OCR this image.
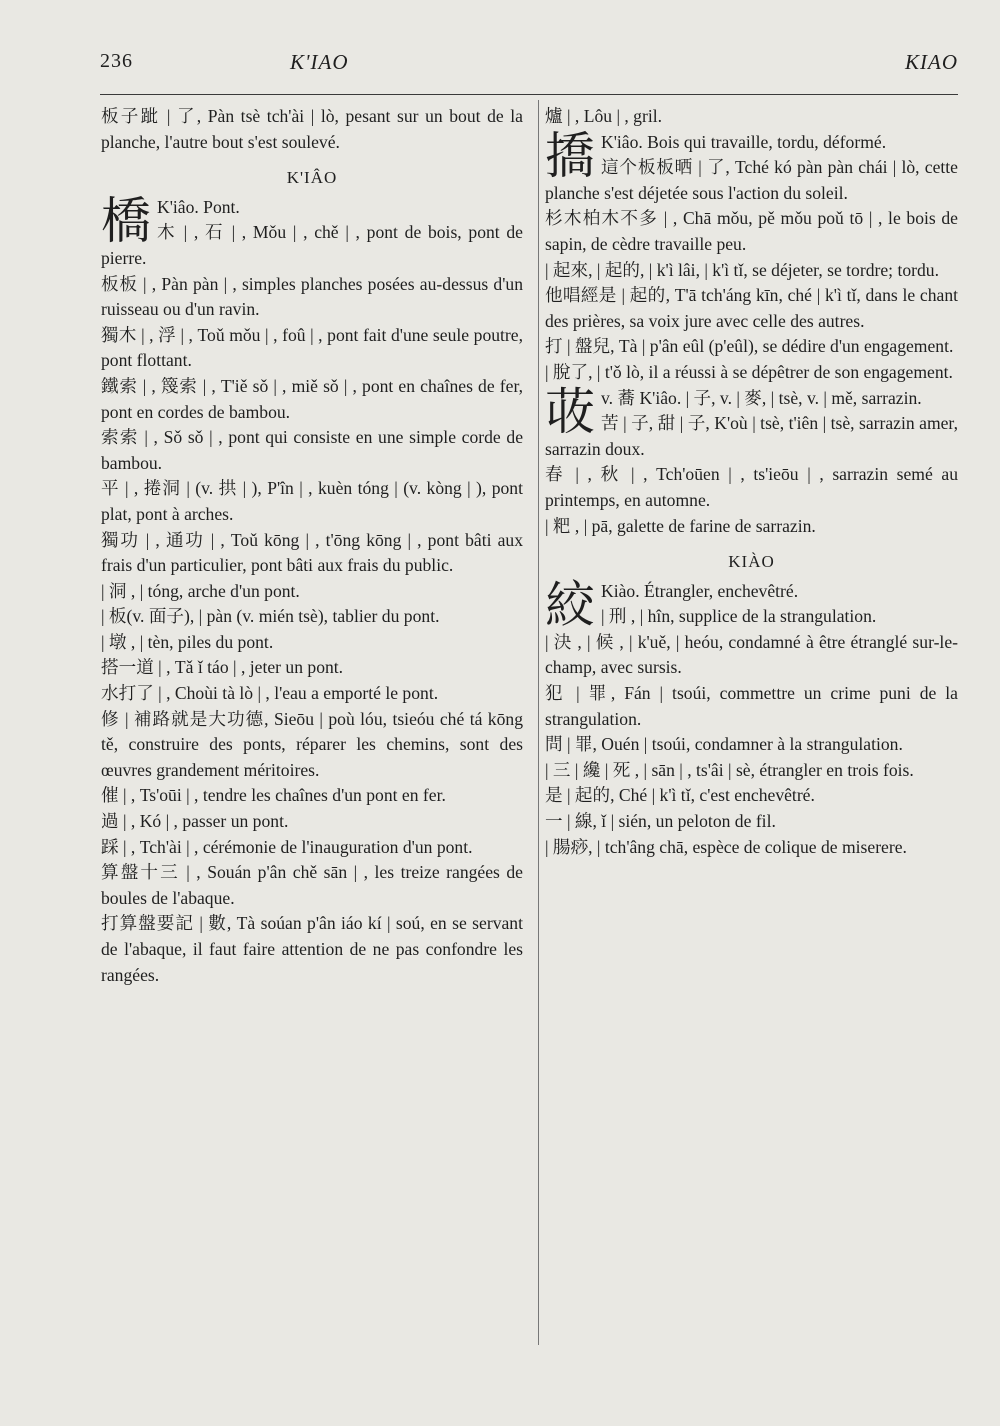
236	K'IAO	KIAO

板子跐 | 了, Pàn tsè tch'ài | lò, pesant sur un bout de la planche, l'autre bout s'est soulevé.

K'IÂO

橋 K'iâo. Pont.

木 | , 石 | , Mǒu | , chě | , pont de bois, pont de pierre.

板板 | , Pàn pàn | , simples planches posées au-dessus d'un ruisseau ou d'un ravin.

獨木 | , 浮 | , Toǔ mǒu | , foû | , pont fait d'une seule poutre, pont flottant.

鐵索 | , 篾索 | , T'iě sǒ | , miě sǒ | , pont en chaînes de fer, pont en cordes de bambou.

索索 | , Sǒ sǒ | , pont qui consiste en une simple corde de bambou.

平 | , 捲洞 | (v. 拱 | ), P'în | , kuèn tóng | (v. kòng | ), pont plat, pont à arches.

獨功 | , 通功 | , Toǔ kōng | , t'ōng kōng | , pont bâti aux frais d'un particulier, pont bâti aux frais du public.

| 洞 , | tóng, arche d'un pont.

| 板(v. 面子), | pàn (v. mién tsè), tablier du pont.

| 墩 , | tèn, piles du pont.

搭一道 | , Tǎ ǐ táo | , jeter un pont.

水打了 | , Choùi tà lò | , l'eau a emporté le pont.

修 | 補路就是大功德, Sieōu | poù lóu, tsieóu ché tá kōng tě, construire des ponts, réparer les chemins, sont des œuvres grandement méritoires.

催 | , Ts'oūi | , tendre les chaînes d'un pont en fer.

過 | , Kó | , passer un pont.

踩 | , Tch'ài | , cérémonie de l'inauguration d'un pont.

算盤十三 | , Souán p'ân chě sān | , les treize rangées de boules de l'abaque.

打算盤要記 | 數, Tà soúan p'ân iáo kí | soú, en se servant de l'abaque, il faut faire attention de ne pas confondre les rangées.

爐 | , Lôu | , gril.

撟 K'iâo. Bois qui travaille, tordu, déformé.

這个板板晒 | 了, Tché kó pàn pàn chái | lò, cette planche s'est déjetée sous l'action du soleil.

杉木柏木不多 | , Chā mǒu, pě mǒu poǔ tō | , le bois de sapin, de cèdre travaille peu.

| 起來, | 起的, | k'ì lâi, | k'ì tǐ, se déjeter, se tordre; tordu.

他唱經是 | 起的, T'ā tch'áng kīn, ché | k'ì tǐ, dans le chant des prières, sa voix jure avec celle des autres.

打 | 盤兒, Tà | p'ân eûl (p'eûl), se dédire d'un engagement.

| 脫了, | t'ǒ lò, il a réussi à se dépêtrer de son engagement.

荍v. 蕎 K'iâo. | 子, v. | 麥, | tsè, v. | mě, sarrazin.

苦 | 子, 甜 | 子, K'où | tsè, t'iên | tsè, sarrazin amer, sarrazin doux.

春 | , 秋 | , Tch'oūen | , ts'ieōu | , sarrazin semé au printemps, en automne.

| 粑 , | pā, galette de farine de sarrazin.

KIÀO

絞 Kiào. Étrangler, enchevêtré.

| 刑 , | hîn, supplice de la strangulation.

| 決 , | 候 , | k'uě, | heóu, condamné à être étranglé sur-le-champ, avec sursis.

犯 | 罪, Fán | tsoúi, commettre un crime puni de la strangulation.

問 | 罪, Ouén | tsoúi, condamner à la strangulation.

| 三 | 纔 | 死 , | sān | , ts'âi | sè, étrangler en trois fois.

是 | 起的, Ché | k'ì tǐ, c'est enchevêtré.

一 | 線, ǐ | sién, un peloton de fil.

| 腸痧, | tch'âng chā, espèce de colique de miserere.
